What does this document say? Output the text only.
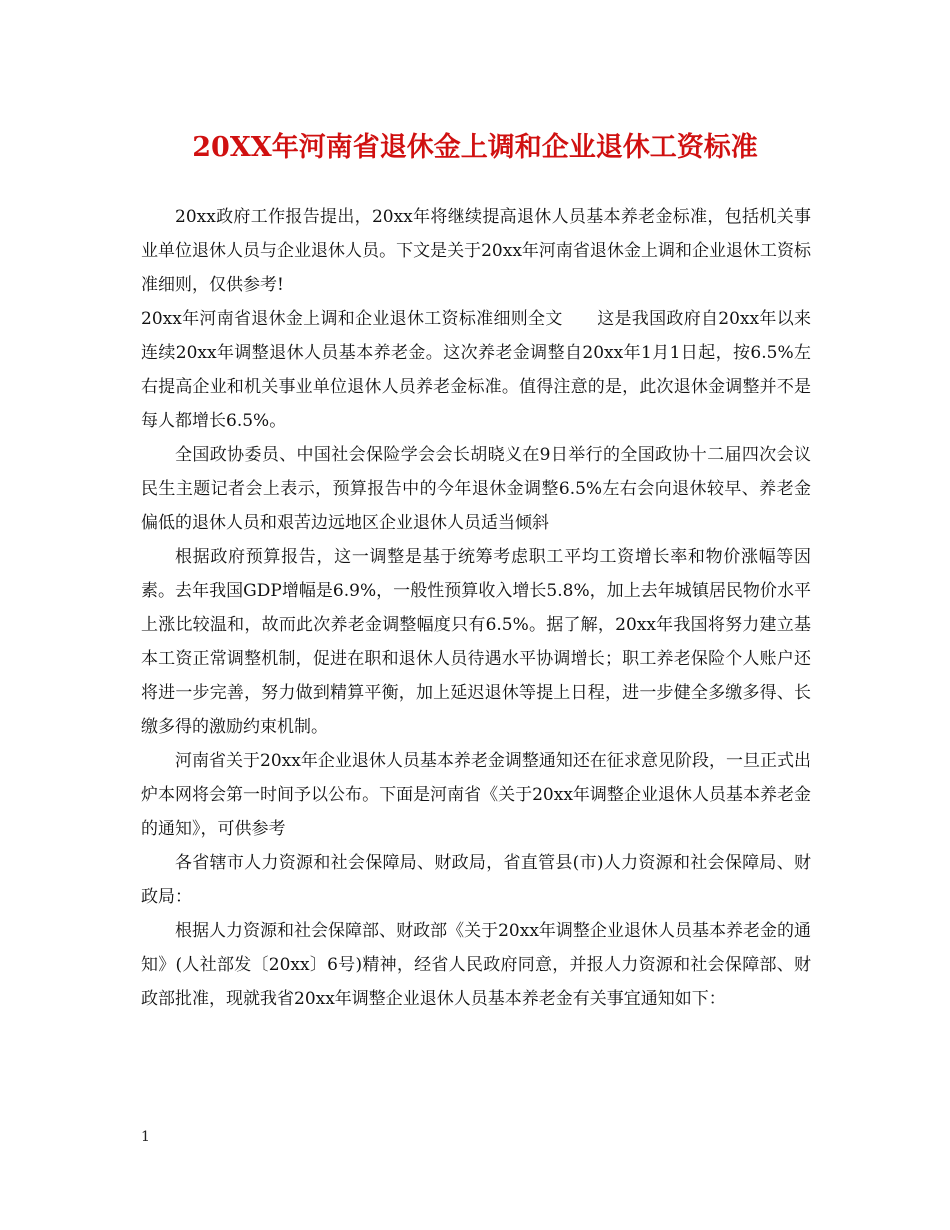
20XX年河南省退休金上调和企业退休工资标准

20xx政府工作报告提出，20xx年将继续提高退休人员基本养老金标准，包括机关事业单位退休人员与企业退休人员。下文是关于20xx年河南省退休金上调和企业退休工资标准细则，仅供参考!

20xx年河南省退休金上调和企业退休工资标准细则全文　　这是我国政府自20xx年以来连续20xx年调整退休人员基本养老金。这次养老金调整自20xx年1月1日起，按6.5%左右提高企业和机关事业单位退休人员养老金标准。值得注意的是，此次退休金调整并不是每人都增长6.5%。

全国政协委员、中国社会保险学会会长胡晓义在9日举行的全国政协十二届四次会议民生主题记者会上表示，预算报告中的今年退休金调整6.5%左右会向退休较早、养老金偏低的退休人员和艰苦边远地区企业退休人员适当倾斜

根据政府预算报告，这一调整是基于统筹考虑职工平均工资增长率和物价涨幅等因素。去年我国GDP增幅是6.9%，一般性预算收入增长5.8%，加上去年城镇居民物价水平上涨比较温和，故而此次养老金调整幅度只有6.5%。据了解，20xx年我国将努力建立基本工资正常调整机制，促进在职和退休人员待遇水平协调增长；职工养老保险个人账户还将进一步完善，努力做到精算平衡，加上延迟退休等提上日程，进一步健全多缴多得、长缴多得的激励约束机制。

河南省关于20xx年企业退休人员基本养老金调整通知还在征求意见阶段，一旦正式出炉本网将会第一时间予以公布。下面是河南省《关于20xx年调整企业退休人员基本养老金的通知》，可供参考

各省辖市人力资源和社会保障局、财政局，省直管县(市)人力资源和社会保障局、财政局：

根据人力资源和社会保障部、财政部《关于20xx年调整企业退休人员基本养老金的通知》(人社部发〔20xx〕6号)精神，经省人民政府同意，并报人力资源和社会保障部、财政部批准，现就我省20xx年调整企业退休人员基本养老金有关事宜通知如下：

1
